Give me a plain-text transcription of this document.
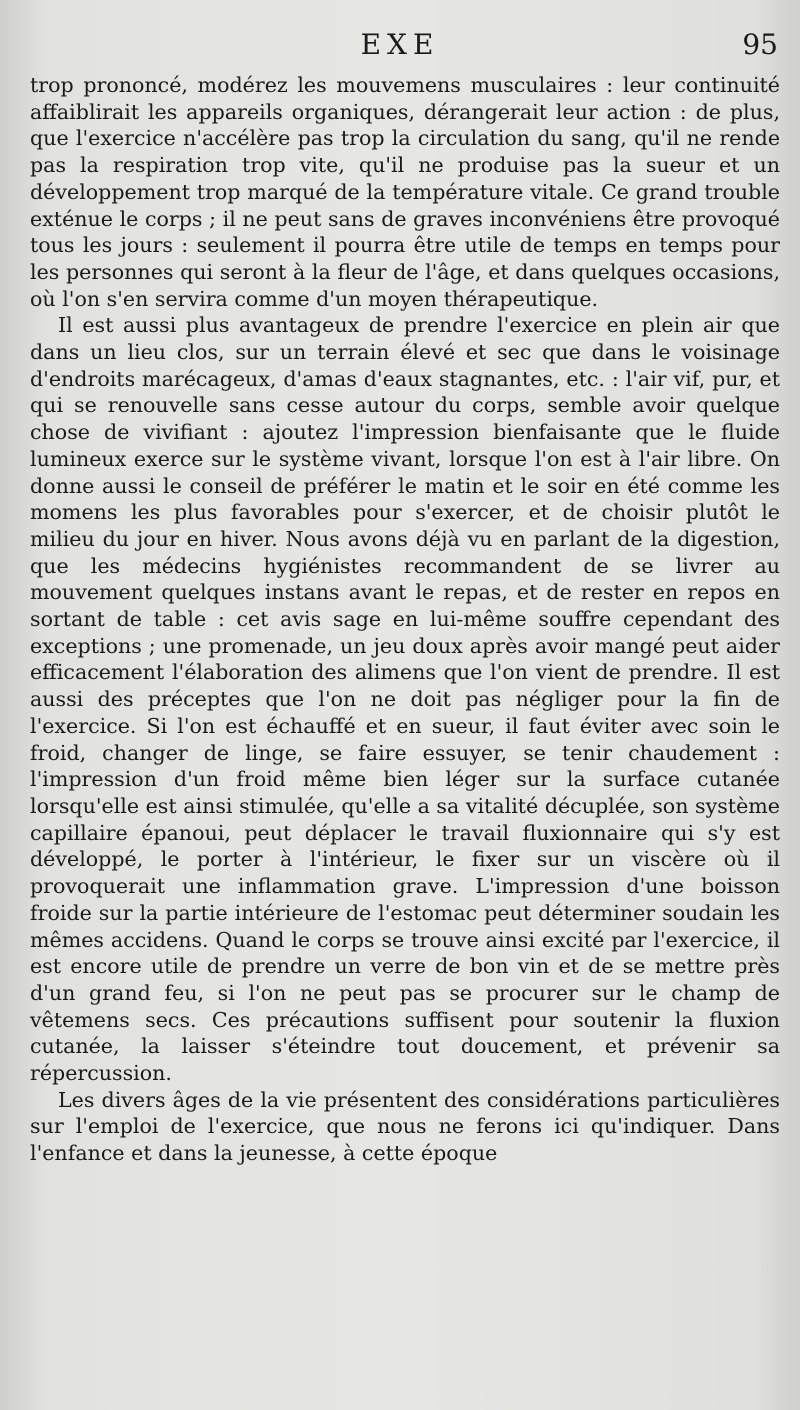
EXE	95

trop prononcé, modérez les mouvemens musculaires : leur continuité affaiblirait les appareils organiques, dérangerait leur action : de plus, que l'exercice n'accélère pas trop la circulation du sang, qu'il ne rende pas la respiration trop vite, qu'il ne produise pas la sueur et un développement trop marqué de la température vitale. Ce grand trouble exténue le corps ; il ne peut sans de graves inconvéniens être provoqué tous les jours : seulement il pourra être utile de temps en temps pour les personnes qui seront à la fleur de l'âge, et dans quelques occasions, où l'on s'en servira comme d'un moyen thérapeutique.

Il est aussi plus avantageux de prendre l'exercice en plein air que dans un lieu clos, sur un terrain élevé et sec que dans le voisinage d'endroits marécageux, d'amas d'eaux stagnantes, etc. : l'air vif, pur, et qui se renouvelle sans cesse autour du corps, semble avoir quelque chose de vivifiant : ajoutez l'impression bienfaisante que le fluide lumineux exerce sur le système vivant, lorsque l'on est à l'air libre. On donne aussi le conseil de préférer le matin et le soir en été comme les momens les plus favorables pour s'exercer, et de choisir plutôt le milieu du jour en hiver. Nous avons déjà vu en parlant de la digestion, que les médecins hygiénistes recommandent de se livrer au mouvement quelques instans avant le repas, et de rester en repos en sortant de table : cet avis sage en lui-même souffre cependant des exceptions ; une promenade, un jeu doux après avoir mangé peut aider efficacement l'élaboration des alimens que l'on vient de prendre. Il est aussi des préceptes que l'on ne doit pas négliger pour la fin de l'exercice. Si l'on est échauffé et en sueur, il faut éviter avec soin le froid, changer de linge, se faire essuyer, se tenir chaudement : l'impression d'un froid même bien léger sur la surface cutanée lorsqu'elle est ainsi stimulée, qu'elle a sa vitalité décuplée, son système capillaire épanoui, peut déplacer le travail fluxionnaire qui s'y est développé, le porter à l'intérieur, le fixer sur un viscère où il provoquerait une inflammation grave. L'impression d'une boisson froide sur la partie intérieure de l'estomac peut déterminer soudain les mêmes accidens. Quand le corps se trouve ainsi excité par l'exercice, il est encore utile de prendre un verre de bon vin et de se mettre près d'un grand feu, si l'on ne peut pas se procurer sur le champ de vêtemens secs. Ces précautions suffisent pour soutenir la fluxion cutanée, la laisser s'éteindre tout doucement, et prévenir sa répercussion.

Les divers âges de la vie présentent des considérations particulières sur l'emploi de l'exercice, que nous ne ferons ici qu'indiquer. Dans l'enfance et dans la jeunesse, à cette époque
